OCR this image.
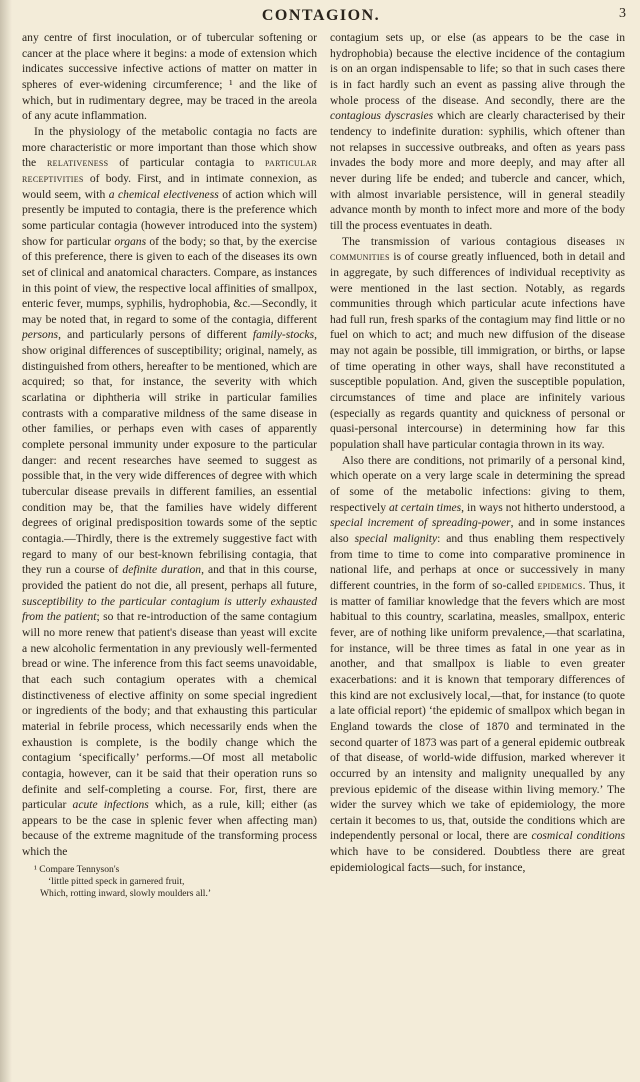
CONTAGION.	3

any centre of first inoculation, or of tubercular softening or cancer at the place where it begins: a mode of extension which indicates successive infective actions of matter on matter in spheres of ever-widening circumference; ¹ and the like of which, but in rudimentary degree, may be traced in the areola of any acute inflammation.

In the physiology of the metabolic contagia no facts are more characteristic or more important than those which show the relativeness of particular contagia to particular receptivities of body. First, and in intimate connexion, as would seem, with a chemical electiveness of action which will presently be imputed to contagia, there is the preference which some particular contagia (however introduced into the system) show for particular organs of the body; so that, by the exercise of this preference, there is given to each of the diseases its own set of clinical and anatomical characters. Compare, as instances in this point of view, the respective local affinities of smallpox, enteric fever, mumps, syphilis, hydrophobia, &c.—Secondly, it may be noted that, in regard to some of the contagia, different persons, and particularly persons of different family-stocks, show original differences of susceptibility; original, namely, as distinguished from others, hereafter to be mentioned, which are acquired; so that, for instance, the severity with which scarlatina or diphtheria will strike in particular families contrasts with a comparative mildness of the same disease in other families, or perhaps even with cases of apparently complete personal immunity under exposure to the particular danger: and recent researches have seemed to suggest as possible that, in the very wide differences of degree with which tubercular disease prevails in different families, an essential condition may be, that the families have widely different degrees of original predisposition towards some of the septic contagia.—Thirdly, there is the extremely suggestive fact with regard to many of our best-known febrilising contagia, that they run a course of definite duration, and that in this course, provided the patient do not die, all present, perhaps all future, susceptibility to the particular contagium is utterly exhausted from the patient; so that re-introduction of the same contagium will no more renew that patient's disease than yeast will excite a new alcoholic fermentation in any previously well-fermented bread or wine. The inference from this fact seems unavoidable, that each such contagium operates with a chemical distinctiveness of elective affinity on some special ingredient or ingredients of the body; and that exhausting this particular material in febrile process, which necessarily ends when the exhaustion is complete, is the bodily change which the contagium ‘specifically’ performs.—Of most all metabolic contagia, however, can it be said that their operation runs so definite and self-completing a course. For, first, there are particular acute infections which, as a rule, kill; either (as appears to be the case in splenic fever when affecting man) because of the extreme magnitude of the transforming process which the

¹ Compare Tennyson's
‘little pitted speck in garnered fruit,
Which, rotting inward, slowly moulders all.’

contagium sets up, or else (as appears to be the case in hydrophobia) because the elective incidence of the contagium is on an organ indispensable to life; so that in such cases there is in fact hardly such an event as passing alive through the whole process of the disease. And secondly, there are the contagious dyscrasies which are clearly characterised by their tendency to indefinite duration: syphilis, which oftener than not relapses in successive outbreaks, and often as years pass invades the body more and more deeply, and may after all never during life be ended; and tubercle and cancer, which, with almost invariable persistence, will in general steadily advance month by month to infect more and more of the body till the process eventuates in death.

The transmission of various contagious diseases in communities is of course greatly influenced, both in detail and in aggregate, by such differences of individual receptivity as were mentioned in the last section. Notably, as regards communities through which particular acute infections have had full run, fresh sparks of the contagium may find little or no fuel on which to act; and much new diffusion of the disease may not again be possible, till immigration, or births, or lapse of time operating in other ways, shall have reconstituted a susceptible population. And, given the susceptible population, circumstances of time and place are infinitely various (especially as regards quantity and quickness of personal or quasi-personal intercourse) in determining how far this population shall have particular contagia thrown in its way.

Also there are conditions, not primarily of a personal kind, which operate on a very large scale in determining the spread of some of the metabolic infections: giving to them, respectively at certain times, in ways not hitherto understood, a special increment of spreading-power, and in some instances also special malignity: and thus enabling them respectively from time to time to come into comparative prominence in national life, and perhaps at once or successively in many different countries, in the form of so-called epidemics. Thus, it is matter of familiar knowledge that the fevers which are most habitual to this country, scarlatina, measles, smallpox, enteric fever, are of nothing like uniform prevalence,—that scarlatina, for instance, will be three times as fatal in one year as in another, and that smallpox is liable to even greater exacerbations: and it is known that temporary differences of this kind are not exclusively local,—that, for instance (to quote a late official report) ‘the epidemic of smallpox which began in England towards the close of 1870 and terminated in the second quarter of 1873 was part of a general epidemic outbreak of that disease, of world-wide diffusion, marked wherever it occurred by an intensity and malignity unequalled by any previous epidemic of the disease within living memory.’ The wider the survey which we take of epidemiology, the more certain it becomes to us, that, outside the conditions which are independently personal or local, there are cosmical conditions which have to be considered. Doubtless there are great epidemiological facts—such, for instance,
